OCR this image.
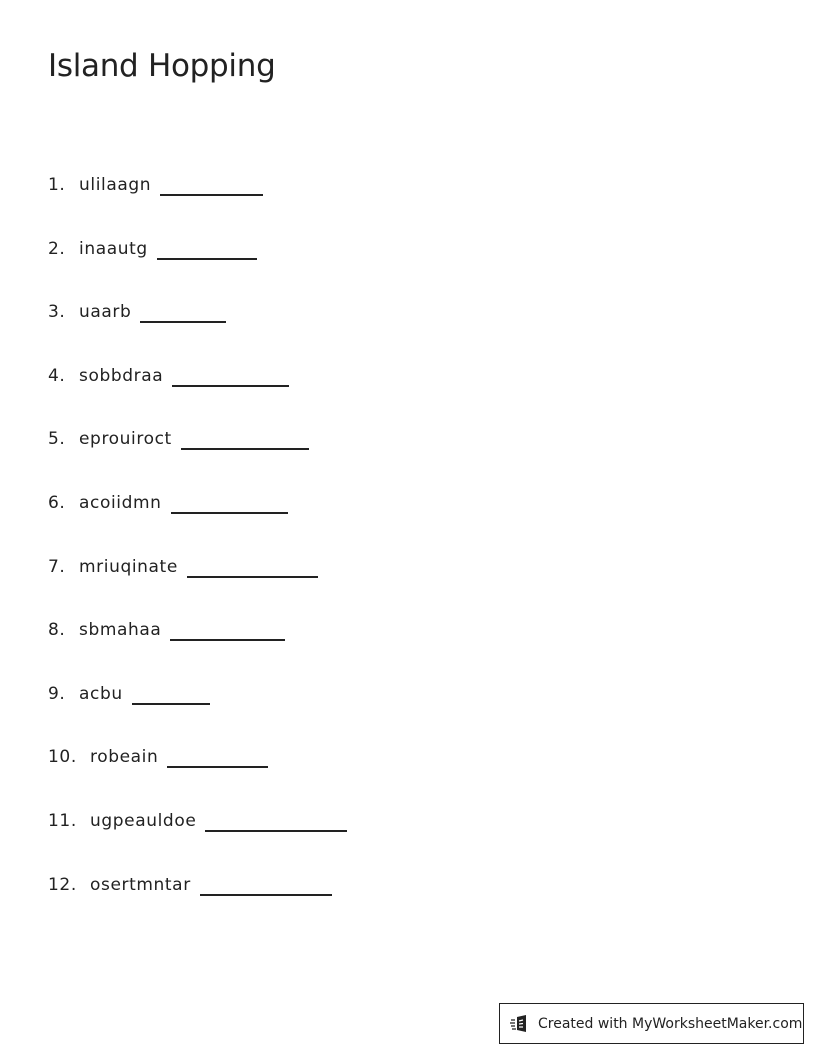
Island Hopping
1. ulilaagn
2. inaautg
3. uaarb
4. sobbdraa
5. eprouiroct
6. acoiidmn
7. mriuqinate
8. sbmahaa
9. acbu
10. robeain
11. ugpeauldoe
12. osertmntar
Created with MyWorksheetMaker.com
